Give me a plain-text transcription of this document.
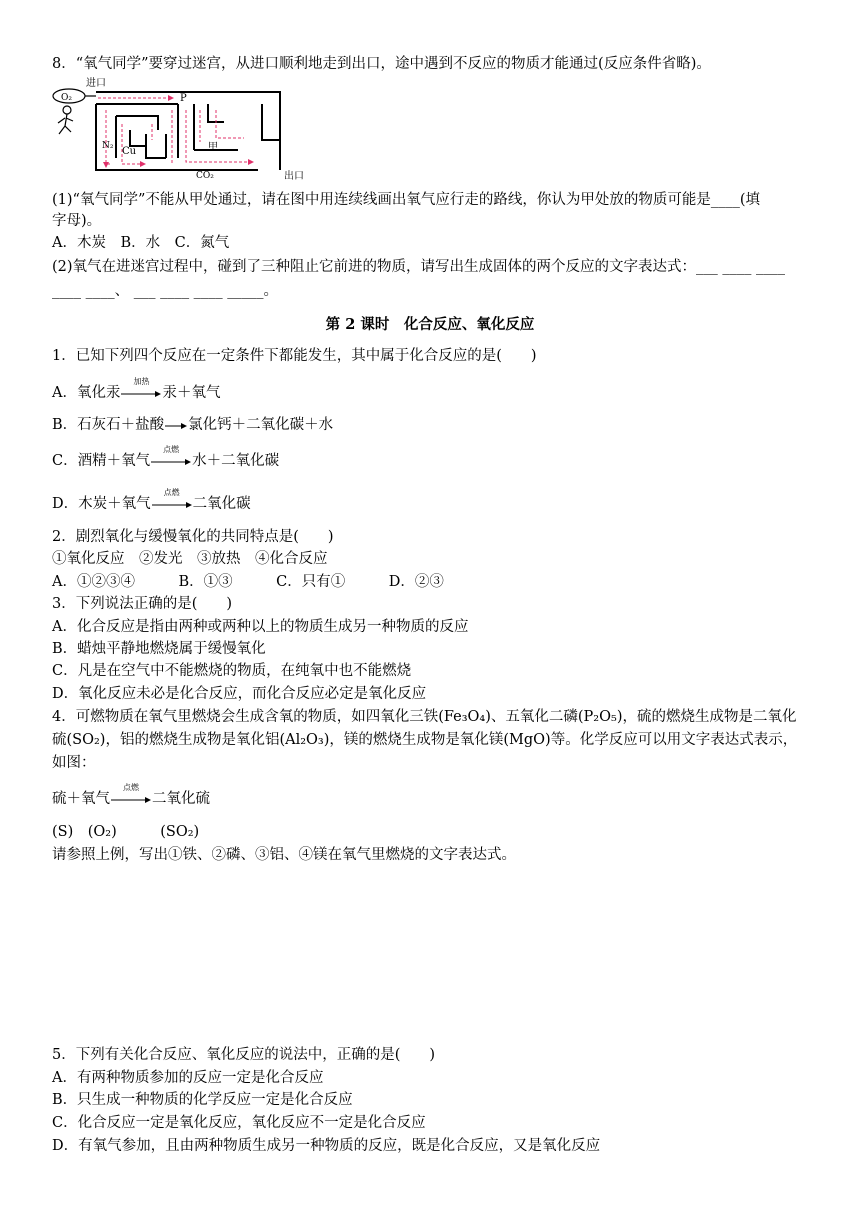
8．“氧气同学”要穿过迷宫，从进口顺利地走到出口，途中遇到不反应的物质才能通过(反应条件省略)。
O₂
进口
P
N₂ Cu	甲
CO₂	出口
(1)“氧气同学”不能从甲处通过，请在图中用连续线画出氧气应行走的路线，你认为甲处放的物质可能是____(填
字母)。
A．木炭　B．水　C．氮气
(2)氧气在进迷宫过程中，碰到了三种阻止它前进的物质，请写出生成固体的两个反应的文字表达式：___ ____ ____
____ ____、 ___ ____ ____ _____。
第 2 课时　化合反应、氧化反应
1．已知下列四个反应在一定条件下都能发生，其中属于化合反应的是(　　)
A．氧化汞
加热
汞＋氧气
B．石灰石＋盐酸→氯化钙＋二氧化碳＋水
C．酒精＋氧气
点燃
水＋二氧化碳
D．木炭＋氧气
点燃
二氧化碳
2．剧烈氧化与缓慢氧化的共同特点是(　　)
①氧化反应　②发光　③放热　④化合反应
A．①②③④　　　B．①③　　　C．只有①　　　D．②③
3．下列说法正确的是(　　)
A．化合反应是指由两种或两种以上的物质生成另一种物质的反应
B．蜡烛平静地燃烧属于缓慢氧化
C．凡是在空气中不能燃烧的物质，在纯氧中也不能燃烧
D．氧化反应未必是化合反应，而化合反应必定是氧化反应
4．可燃物质在氧气里燃烧会生成含氧的物质，如四氧化三铁(Fe₃O₄)、五氧化二磷(P₂O₅)，硫的燃烧生成物是二氧化
硫(SO₂)，铝的燃烧生成物是氧化铝(Al₂O₃)，镁的燃烧生成物是氧化镁(MgO)等。化学反应可以用文字表达式表示，
如图：
硫＋氧气
点燃
二氧化硫
(S)　(O₂)　　　(SO₂)
请参照上例，写出①铁、②磷、③铝、④镁在氧气里燃烧的文字表达式。
5．下列有关化合反应、氧化反应的说法中，正确的是(　　)
A．有两种物质参加的反应一定是化合反应
B．只生成一种物质的化学反应一定是化合反应
C．化合反应一定是氧化反应，氧化反应不一定是化合反应
D．有氧气参加，且由两种物质生成另一种物质的反应，既是化合反应，又是氧化反应
